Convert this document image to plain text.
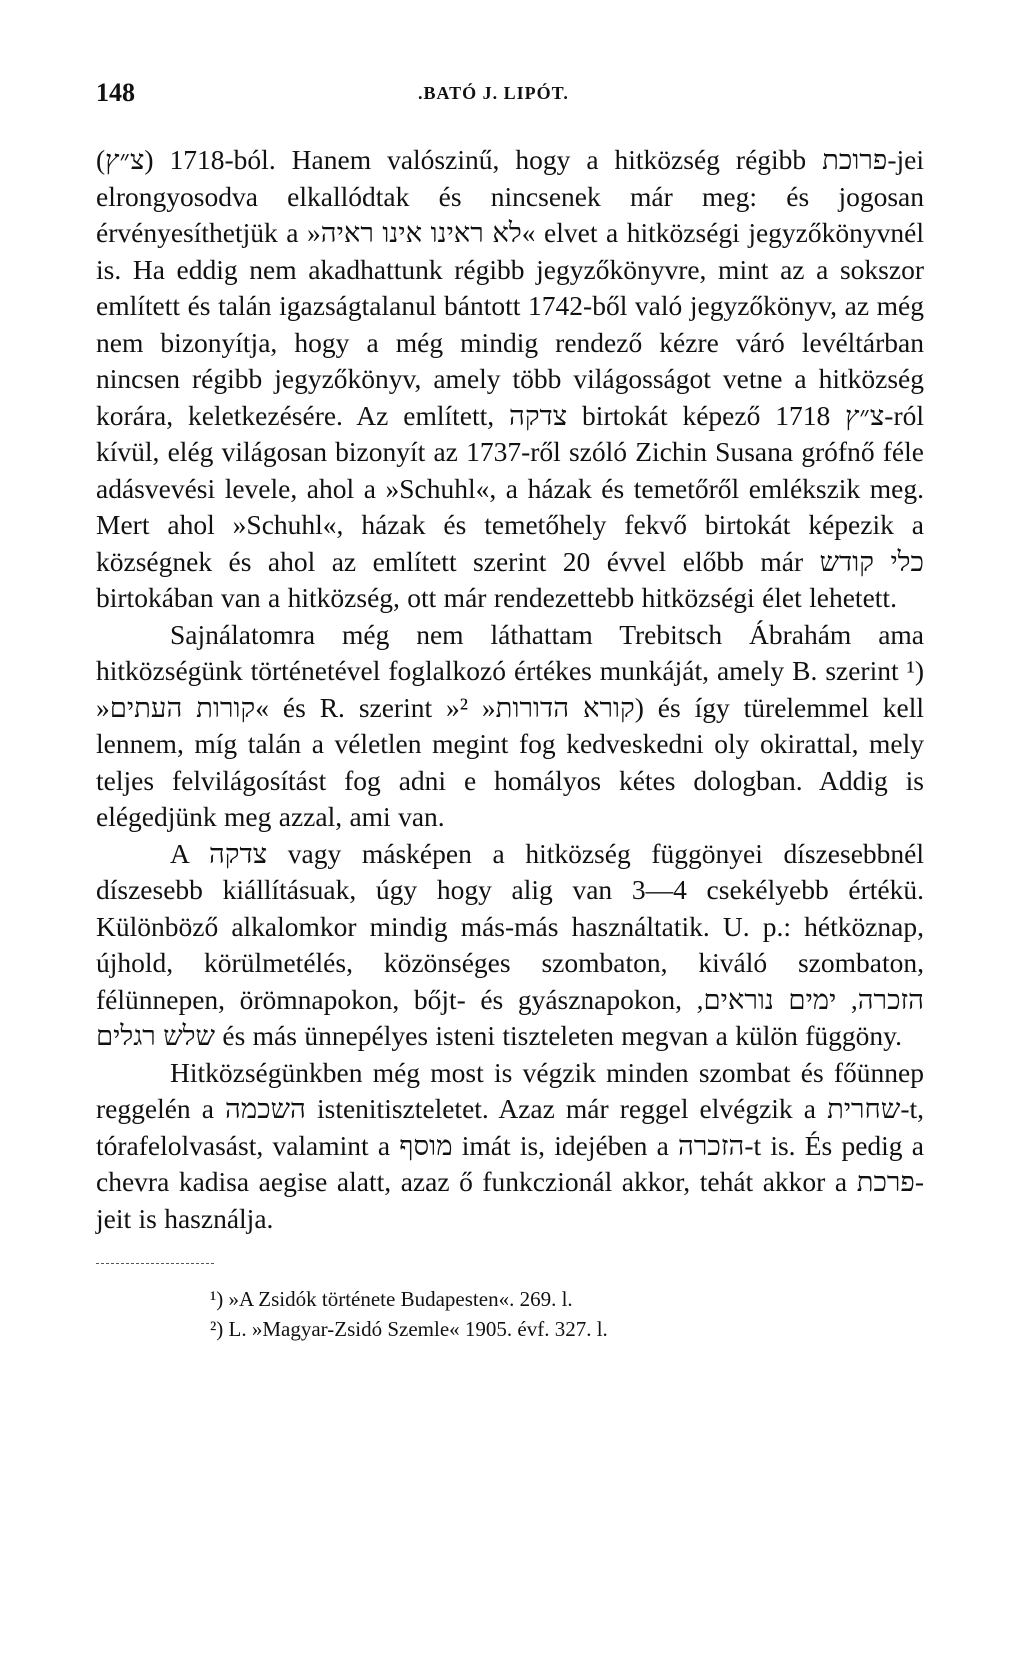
148	.BATÓ J. LIPÓT.

(צ״ץ) 1718-ból. Hanem valószinű, hogy a hitközség régibb פרוכת-jei elrongyosodva elkallódtak és nincsenek már meg: és jogosan érvényesíthetjük a »לא ראינו אינו ראיה« elvet a hitközségi jegyzőkönyvnél is. Ha eddig nem akadhattunk régibb jegyzőkönyvre, mint az a sokszor említett és talán igazságtalanul bántott 1742-ből való jegyzőkönyv, az még nem bizonyítja, hogy a még mindig rendező kézre váró levéltárban nincsen régibb jegyzőkönyv, amely több világosságot vetne a hitközség korára, keletkezésére. Az említett, צדקה birtokát képező צ״ץ 1718-ról kívül, elég világosan bizonyít az 1737-ről szóló Zichin Susana grófnő féle adásvevési levele, ahol a »Schuhl«, a házak és temetőről emlékszik meg. Mert ahol »Schuhl«, házak és temetőhely fekvő birtokát képezik a községnek és ahol az említett szerint 20 évvel előbb már כלי קודש birtokában van a hitközség, ott már rendezettebb hitközségi élet lehetett.

Sajnálatomra még nem láthattam Trebitsch Ábrahám ama hitközségünk történetével foglalkozó értékes munkáját, amely B. szerint ¹) »קורות העתים« és R. szerint »קורא הדורות« ²) és így türelemmel kell lennem, míg talán a véletlen megint fog kedveskedni oly okirattal, mely teljes felvilágosítást fog adni e homályos kétes dologban. Addig is elégedjünk meg azzal, ami van.

A צדקה vagy másképen a hitközség függönyei díszesebbnél díszesebb kiállításuak, úgy hogy alig van 3—4 csekélyebb értékü. Különböző alkalomkor mindig más-más használtatik. U. p.: hétköznap, újhold, körülmetélés, közönséges szombaton, kiváló szombaton, félünnepen, örömnapokon, bőjt- és gyásznapokon, הזכרה, ימים נוראים, שלש רגלים és más ünnepélyes isteni tiszteleten megvan a külön függöny.

Hitközségünkben még most is végzik minden szombat és főünnep reggelén a השכמה istenitiszteletet. Azaz már reggel elvégzik a שחרית-t, tórafelolvasást, valamint a מוסף imát is, idejében a הזכרה-t is. És pedig a chevra kadisa aegise alatt, azaz ő funkczionál akkor, tehát akkor a פרכת-jeit is használja.

¹) »A Zsidók története Budapesten«. 269. l.

²) L. »Magyar-Zsidó Szemle« 1905. évf. 327. l.
